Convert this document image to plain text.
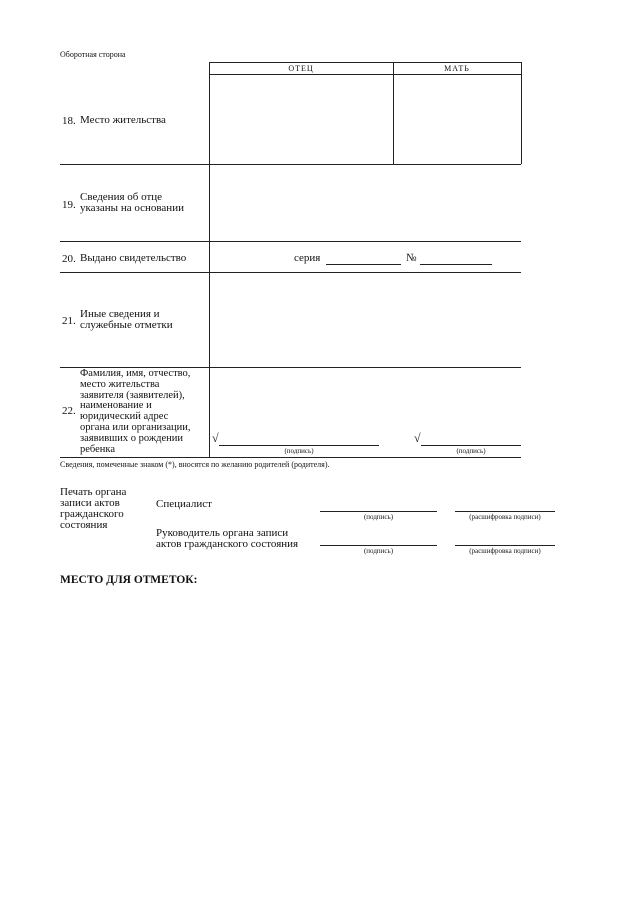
Оборотная сторона
ОТЕЦ	МАТЬ
18. Место жительства
19.
Сведения об отце
указаны на основании
20. Выдано свидетельство	серия	№
21.
Иные сведения и
служебные отметки
22.
Фамилия, имя, отчество,
место жительства
заявителя (заявителей),
наименование и
юридический адрес
органа или организации,
заявивших о рождении
ребенка
√
(подпись)
√
(подпись)
Сведения, помеченные знаком (*), вносятся по желанию родителей (родителя).
Печать органа
записи актов
гражданского
состояния
Специалист
(подпись)	(расшифровка подписи)
Руководитель органа записи
актов гражданского состояния
(подпись)	(расшифровка подписи)
МЕСТО ДЛЯ ОТМЕТОК:
